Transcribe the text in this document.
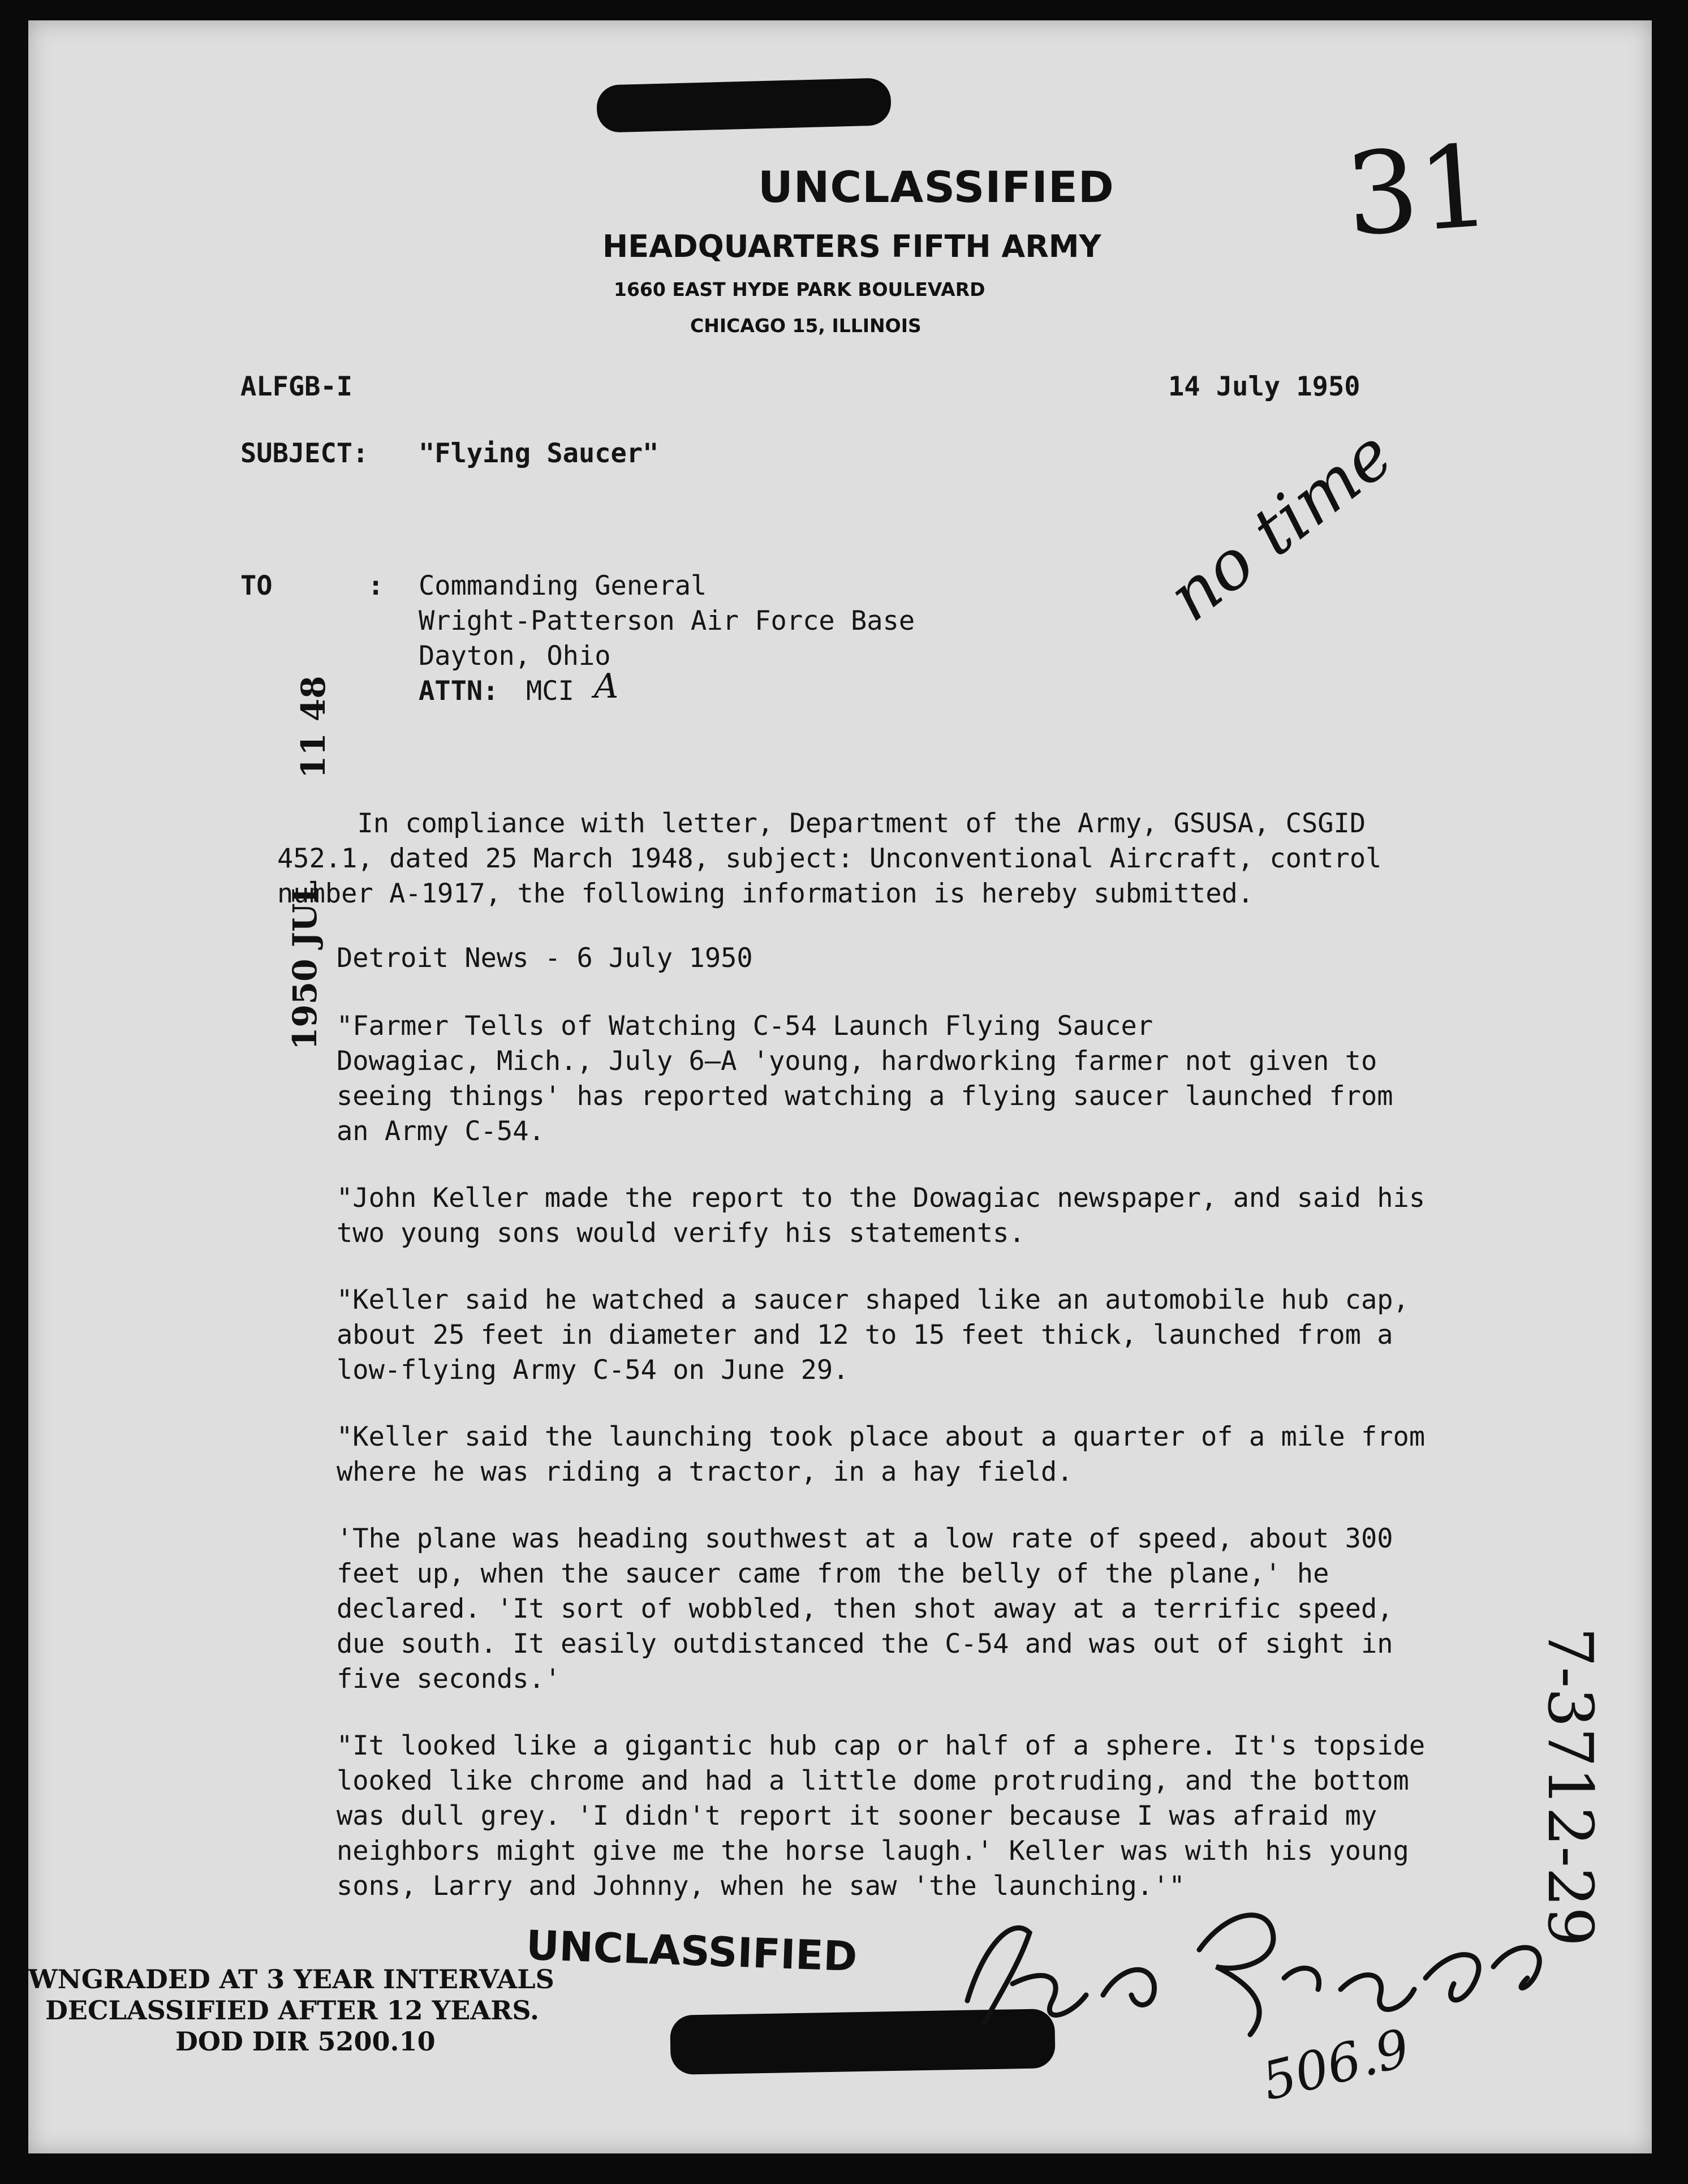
UNCLASSIFIED
HEADQUARTERS FIFTH ARMY
1660 EAST HYDE PARK BOULEVARD
CHICAGO 15, ILLINOIS
31
ALFGB-I	14 July 1950
SUBJECT: "Flying Saucer"	no time
TO	: Commanding General
Wright-Patterson Air Force Base
Dayton, Ohio
ATTN: MCI A
11 48
1950 JUL
In compliance with letter, Department of the Army, GSUSA, CSGID
452.1, dated 25 March 1948, subject: Unconventional Aircraft, control
number A-1917, the following information is hereby submitted.
Detroit News - 6 July 1950
"Farmer Tells of Watching C-54 Launch Flying Saucer
Dowagiac, Mich., July 6—A 'young, hardworking farmer not given to
seeing things' has reported watching a flying saucer launched from
an Army C-54.
"John Keller made the report to the Dowagiac newspaper, and said his
two young sons would verify his statements.
"Keller said he watched a saucer shaped like an automobile hub cap,
about 25 feet in diameter and 12 to 15 feet thick, launched from a
low-flying Army C-54 on June 29.
"Keller said the launching took place about a quarter of a mile from
where he was riding a tractor, in a hay field.
'The plane was heading southwest at a low rate of speed, about 300
feet up, when the saucer came from the belly of the plane,' he
declared. 'It sort of wobbled, then shot away at a terrific speed,
due south. It easily outdistanced the C-54 and was out of sight in
five seconds.'
"It looked like a gigantic hub cap or half of a sphere. It's topside
looked like chrome and had a little dome protruding, and the bottom
was dull grey. 'I didn't report it sooner because I was afraid my
neighbors might give me the horse laugh.' Keller was with his young
sons, Larry and Johnny, when he saw 'the launching.'"	7-3712-29
UNCLASSIFIED
WNGRADED AT 3 YEAR INTERVALS
DECLASSIFIED AFTER 12 YEARS.
DOD DIR 5200.10	506.9
